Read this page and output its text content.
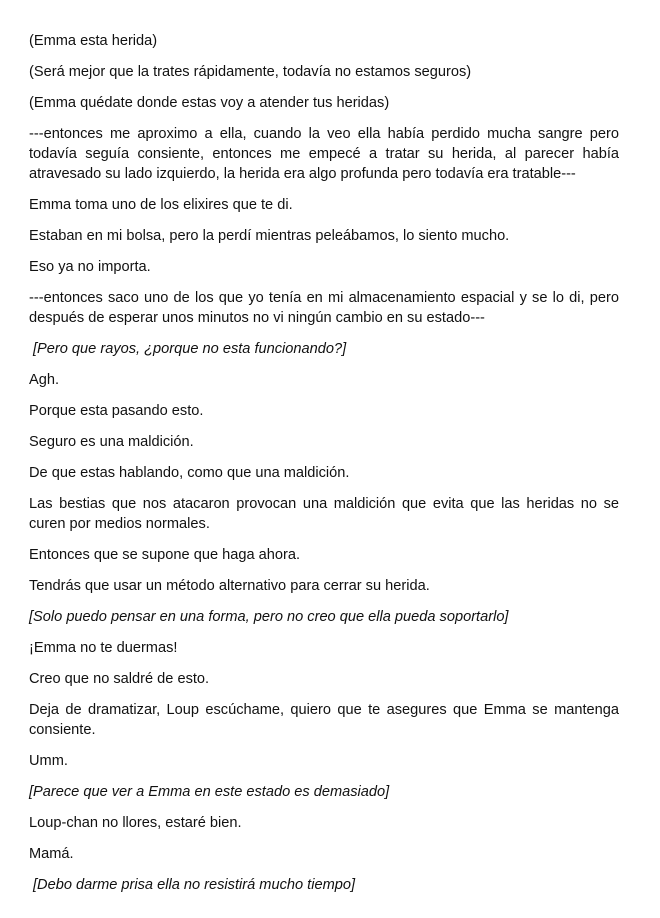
(Emma esta herida)

(Será mejor que la trates rápidamente, todavía no estamos seguros)

(Emma quédate donde estas voy a atender tus heridas)

---entonces me aproximo a ella, cuando la veo ella había perdido mucha sangre pero todavía seguía consiente, entonces me empecé a tratar su herida, al parecer había atravesado su lado izquierdo, la herida era algo profunda pero todavía era tratable---

Emma toma uno de los elixires que te di.

Estaban en mi bolsa, pero la perdí mientras peleábamos, lo siento mucho.

Eso ya no importa.

---entonces saco uno de los que yo tenía en mi almacenamiento espacial y se lo di, pero después de esperar unos minutos no vi ningún cambio en su estado---

[Pero que rayos, ¿porque no esta funcionando?]

Agh.

Porque esta pasando esto.

Seguro es una maldición.

De que estas hablando, como que una maldición.

Las bestias que nos atacaron provocan una maldición que evita que las heridas no se curen por medios normales.

Entonces que se supone que haga ahora.

Tendrás que usar un método alternativo para cerrar su herida.

[Solo puedo pensar en una forma, pero no creo que ella pueda soportarlo]

¡Emma no te duermas!

Creo que no saldré de esto.

Deja de dramatizar, Loup escúchame, quiero que te asegures que Emma se mantenga consiente.

Umm.

[Parece que ver a Emma en este estado es demasiado]

Loup-chan no llores, estaré bien.

Mamá.

[Debo darme prisa ella no resistirá mucho tiempo]
